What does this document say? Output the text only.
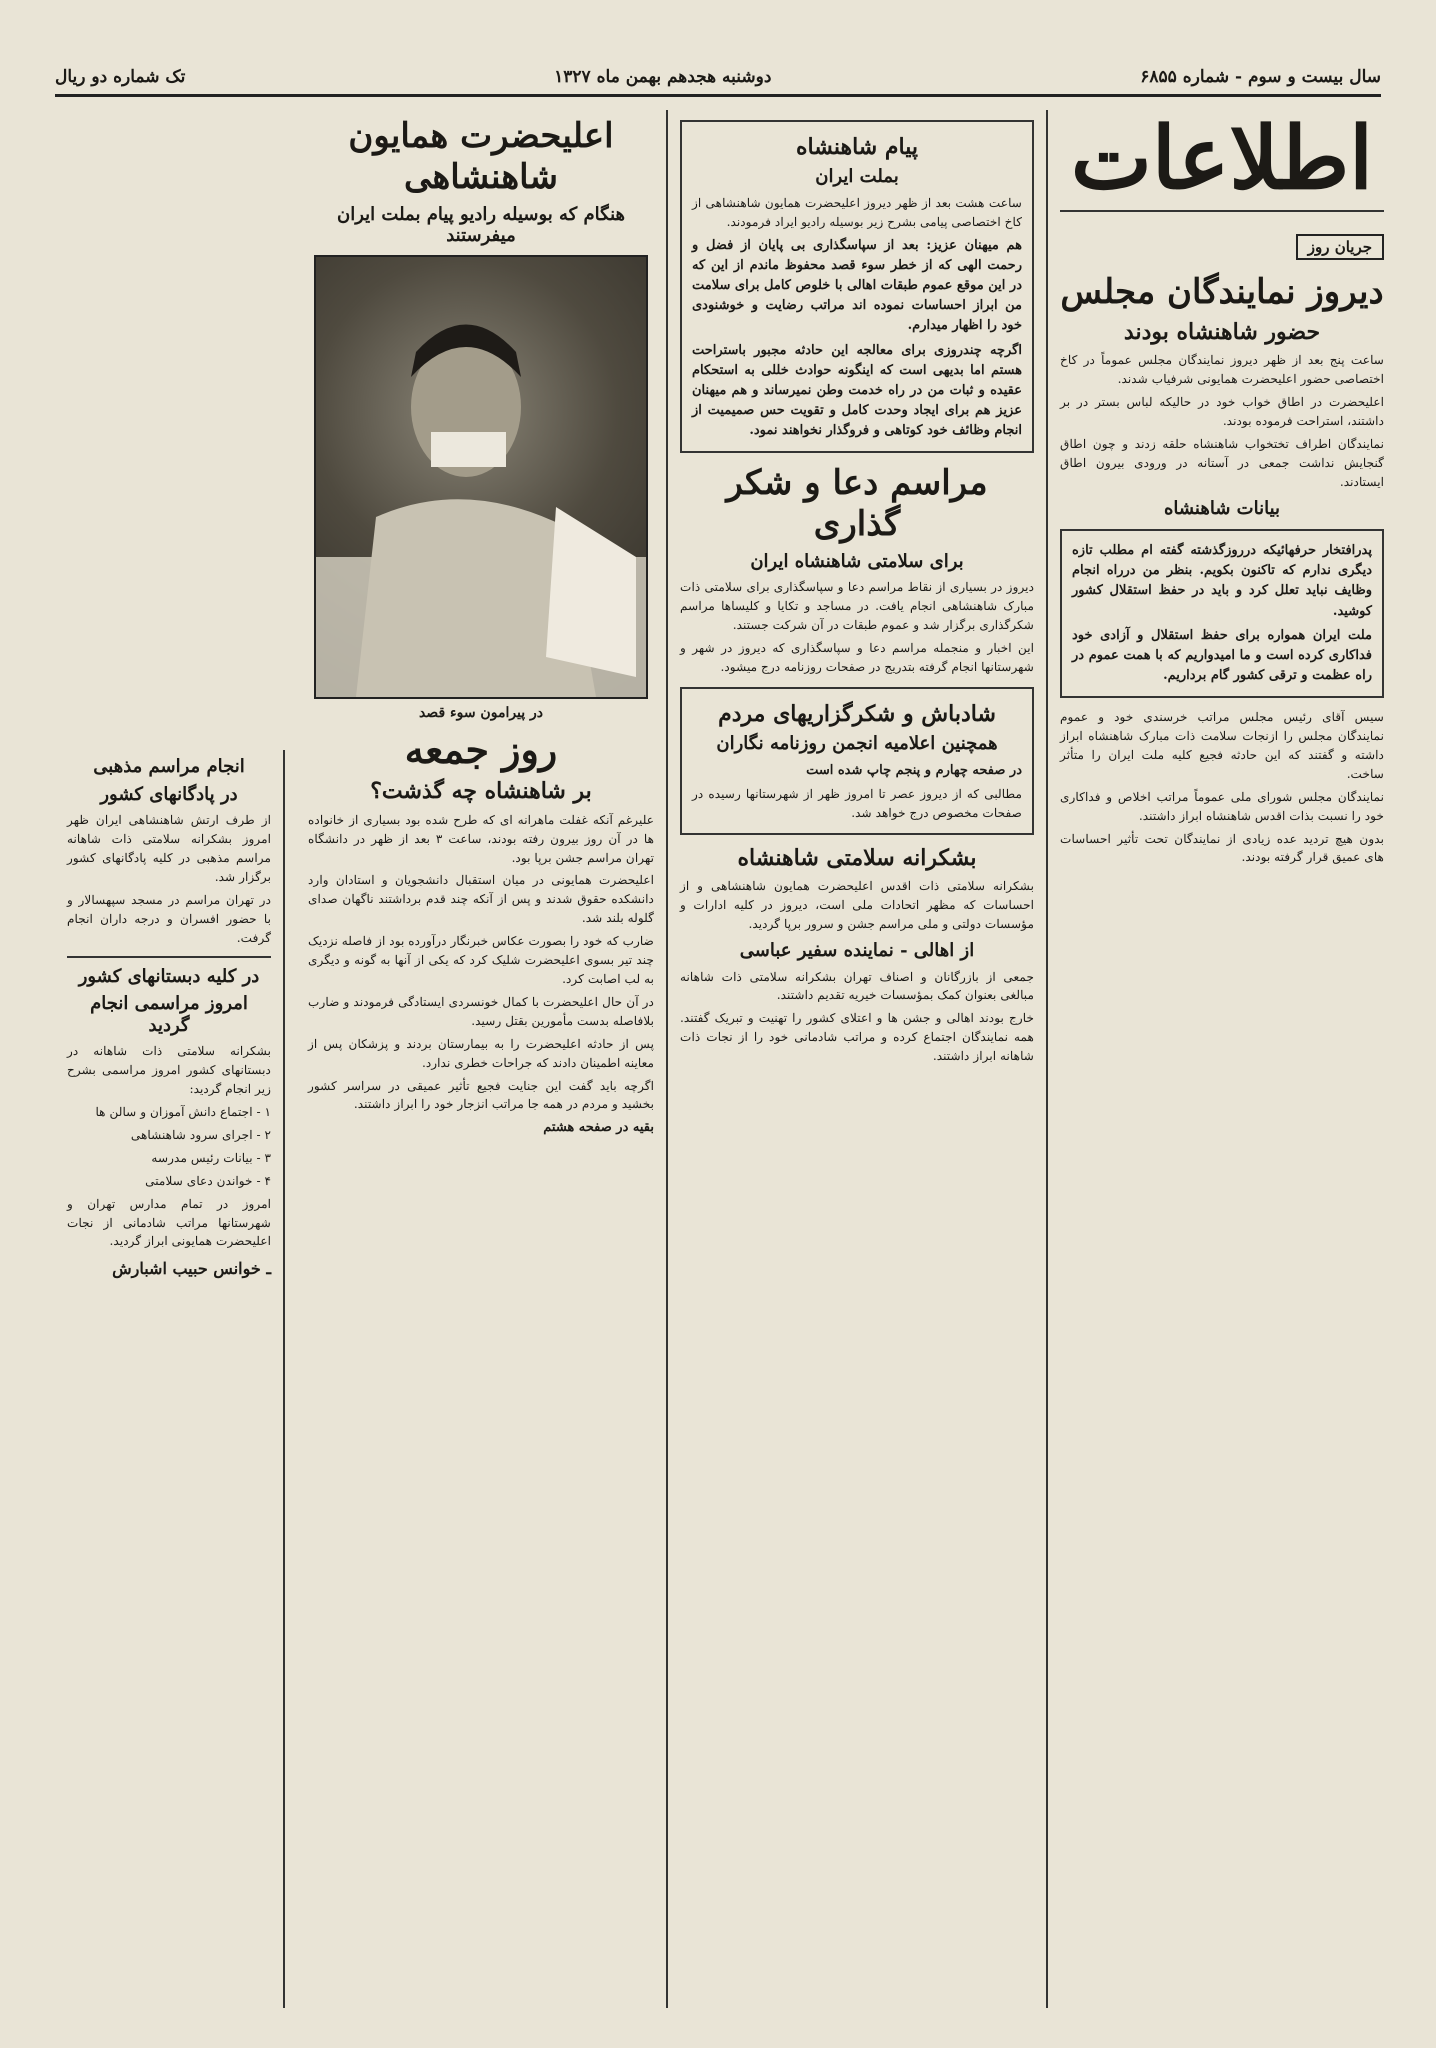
سال بیست و سوم - شماره ۶۸۵۵
دوشنبه هجدهم بهمن ماه ۱۳۲۷
تک شماره دو ریال
اطلاعات
جریان روز
دیروز نمایندگان مجلس
حضور شاهنشاه بودند

ساعت پنج بعد از ظهر دیروز نمایندگان مجلس عموماً در کاخ اختصاصی حضور اعلیحضرت همایونی شرفیاب شدند.

اعلیحضرت در اطاق خواب خود در حالیکه لباس بستر در بر داشتند، استراحت فرموده بودند.

نمایندگان اطراف تختخواب شاهنشاه حلقه زدند و چون اطاق گنجایش نداشت جمعی در آستانه در ورودی بیرون اطاق ایستادند.

بیانات شاهنشاه

پدرافتخار حرفهائیکه درروزگذشته گفته ام مطلب تازه دیگری ندارم که تاکنون بکویم. بنظر من درراه انجام وظایف نباید تعلل کرد و باید در حفظ استقلال کشور کوشید.

ملت ایران همواره برای حفظ استقلال و آزادی خود فداکاری کرده است و ما امیدواریم که با همت عموم در راه عظمت و ترقی کشور گام برداریم.

سیس آقای رئیس مجلس مراتب خرسندی خود و عموم نمایندگان مجلس را ازنجات سلامت ذات مبارک شاهنشاه ابراز داشته و گفتند که این حادثه فجیع کلیه ملت ایران را متأثر ساخت.

نمایندگان مجلس شورای ملی عموماً مراتب اخلاص و فداکاری خود را نسبت بذات اقدس شاهنشاه ابراز داشتند.

بدون هیچ تردید عده زیادی از نمایندگان تحت تأثیر احساسات های عمیق قرار گرفته بودند.

پیام شاهنشاه
بملت ایران

ساعت هشت بعد از ظهر دیروز اعلیحضرت همایون شاهنشاهی از کاخ اختصاصی پیامی بشرح زیر بوسیله رادیو ایراد فرمودند.

هم میهنان عزیز: بعد از سپاسگذاری بی پایان از فضل و رحمت الهی که از خطر سوء قصد محفوظ ماندم از این که در این موقع عموم طبقات اهالی با خلوص کامل برای سلامت من ابراز احساسات نموده اند مراتب رضایت و خوشنودی خود را اظهار میدارم.

اگرچه چندروزی برای معالجه این حادثه مجبور باستراحت هستم اما بدیهی است که اینگونه حوادث خللی به استحکام عقیده و ثبات من در راه خدمت وطن نمیرساند و هم میهنان عزیز هم برای ایجاد وحدت کامل و تقویت حس صمیمیت از انجام وظائف خود کوتاهی و فروگذار نخواهند نمود.

مراسم دعا و شکر گذاری
برای سلامتی شاهنشاه ایران

دیروز در بسیاری از نقاط مراسم دعا و سپاسگذاری برای سلامتی ذات مبارک شاهنشاهی انجام یافت. در مساجد و تکایا و کلیساها مراسم شکرگذاری برگزار شد و عموم طبقات در آن شرکت جستند.

این اخبار و منجمله مراسم دعا و سپاسگذاری که دیروز در شهر و شهرستانها انجام گرفته بتدریج در صفحات روزنامه درج میشود.

شادباش و شکرگزاریهای مردم
همچنین اعلامیه انجمن روزنامه نگاران

در صفحه چهارم و پنجم چاپ شده است

مطالبی که از دیروز عصر تا امروز ظهر از شهرستانها رسیده در صفحات مخصوص درج خواهد شد.

بشکرانه سلامتی شاهنشاه

بشکرانه سلامتی ذات اقدس اعلیحضرت همایون شاهنشاهی و از احساسات که مظهر اتحادات ملی است، دیروز در کلیه ادارات و مؤسسات دولتی و ملی مراسم جشن و سرور برپا گردید.

از اهالی - نماینده سفیر عباسی

جمعی از بازرگانان و اصناف تهران بشکرانه سلامتی ذات شاهانه مبالغی بعنوان کمک بمؤسسات خیریه تقدیم داشتند.

خارج بودند اهالی و جشن ها و اعتلای کشور را تهنیت و تبریک گفتند. همه نمایندگان اجتماع کرده و مراتب شادمانی خود را از نجات ذات شاهانه ابراز داشتند.

اعلیحضرت همایون شاهنشاهی
هنگام که بوسیله رادیو پیام بملت ایران میفرستند
در پیرامون سوء قصد
روز جمعه
بر شاهنشاه چه گذشت؟

علیرغم آنکه غفلت ماهرانه ای که طرح شده بود بسیاری از خانواده ها در آن روز بیرون رفته بودند، ساعت ۳ بعد از ظهر در دانشگاه تهران مراسم جشن برپا بود.

اعلیحضرت همایونی در میان استقبال دانشجویان و استادان وارد دانشکده حقوق شدند و پس از آنکه چند قدم برداشتند ناگهان صدای گلوله بلند شد.

ضارب که خود را بصورت عکاس خبرنگار درآورده بود از فاصله نزدیک چند تیر بسوی اعلیحضرت شلیک کرد که یکی از آنها به گونه و دیگری به لب اصابت کرد.

در آن حال اعلیحضرت با کمال خونسردی ایستادگی فرمودند و ضارب بلافاصله بدست مأمورین بقتل رسید.

پس از حادثه اعلیحضرت را به بیمارستان بردند و پزشکان پس از معاینه اطمینان دادند که جراحات خطری ندارد.

اگرچه باید گفت این جنایت فجیع تأثیر عمیقی در سراسر کشور بخشید و مردم در همه جا مراتب انزجار خود را ابراز داشتند.

بقیه در صفحه هشتم

انجام مراسم مذهبی
در پادگانهای کشور

از طرف ارتش شاهنشاهی ایران ظهر امروز بشکرانه سلامتی ذات شاهانه مراسم مذهبی در کلیه پادگانهای کشور برگزار شد.

در تهران مراسم در مسجد سپهسالار و با حضور افسران و درجه داران انجام گرفت.

در کلیه دبستانهای کشور
امروز مراسمی انجام گردید

بشکرانه سلامتی ذات شاهانه در دبستانهای کشور امروز مراسمی بشرح زیر انجام گردید:

۱ - اجتماع دانش آموزان و سالن ها

۲ - اجرای سرود شاهنشاهی

۳ - بیانات رئیس مدرسه

۴ - خواندن دعای سلامتی

امروز در تمام مدارس تهران و شهرستانها مراتب شادمانی از نجات اعلیحضرت همایونی ابراز گردید.

ـ خوانس حبیب اشبارش
